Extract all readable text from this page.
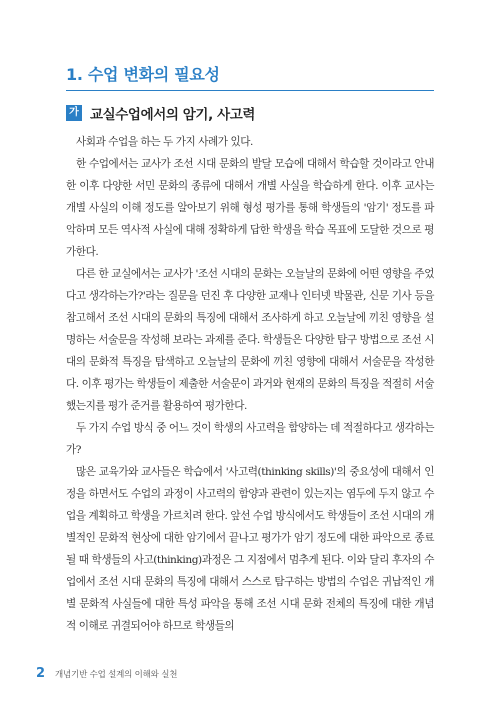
1. 수업 변화의 필요성
가 교실수업에서의 암기, 사고력

사회과 수업을 하는 두 가지 사례가 있다.

한 수업에서는 교사가 조선 시대 문화의 발달 모습에 대해서 학습할 것이라고 안내한 이후 다양한 서민 문화의 종류에 대해서 개별 사실을 학습하게 한다. 이후 교사는 개별 사실의 이해 정도를 알아보기 위해 형성 평가를 통해 학생들의 '암기' 정도를 파악하며 모든 역사적 사실에 대해 정확하게 답한 학생을 학습 목표에 도달한 것으로 평가한다.

다른 한 교실에서는 교사가 '조선 시대의 문화는 오늘날의 문화에 어떤 영향을 주었다고 생각하는가?'라는 질문을 던진 후 다양한 교재나 인터넷 박물관, 신문 기사 등을 참고해서 조선 시대의 문화의 특징에 대해서 조사하게 하고 오늘날에 끼친 영향을 설명하는 서술문을 작성해 보라는 과제를 준다. 학생들은 다양한 탐구 방법으로 조선 시대의 문화적 특징을 탐색하고 오늘날의 문화에 끼친 영향에 대해서 서술문을 작성한다. 이후 평가는 학생들이 제출한 서술문이 과거와 현재의 문화의 특징을 적절히 서술했는지를 평가 준거를 활용하여 평가한다.

두 가지 수업 방식 중 어느 것이 학생의 사고력을 함양하는 데 적절하다고 생각하는가?

많은 교육가와 교사들은 학습에서 '사고력(thinking skills)'의 중요성에 대해서 인정을 하면서도 수업의 과정이 사고력의 함양과 관련이 있는지는 염두에 두지 않고 수업을 계획하고 학생을 가르치려 한다. 앞선 수업 방식에서도 학생들이 조선 시대의 개별적인 문화적 현상에 대한 암기에서 끝나고 평가가 암기 정도에 대한 파악으로 종료될 때 학생들의 사고(thinking)과정은 그 지점에서 멈추게 된다. 이와 달리 후자의 수업에서 조선 시대 문화의 특징에 대해서 스스로 탐구하는 방법의 수업은 귀납적인 개별 문화적 사실들에 대한 특성 파악을 통해 조선 시대 문화 전체의 특징에 대한 개념적 이해로 귀결되어야 하므로 학생들의

2 개념기반 수업 설계의 이해와 실천
